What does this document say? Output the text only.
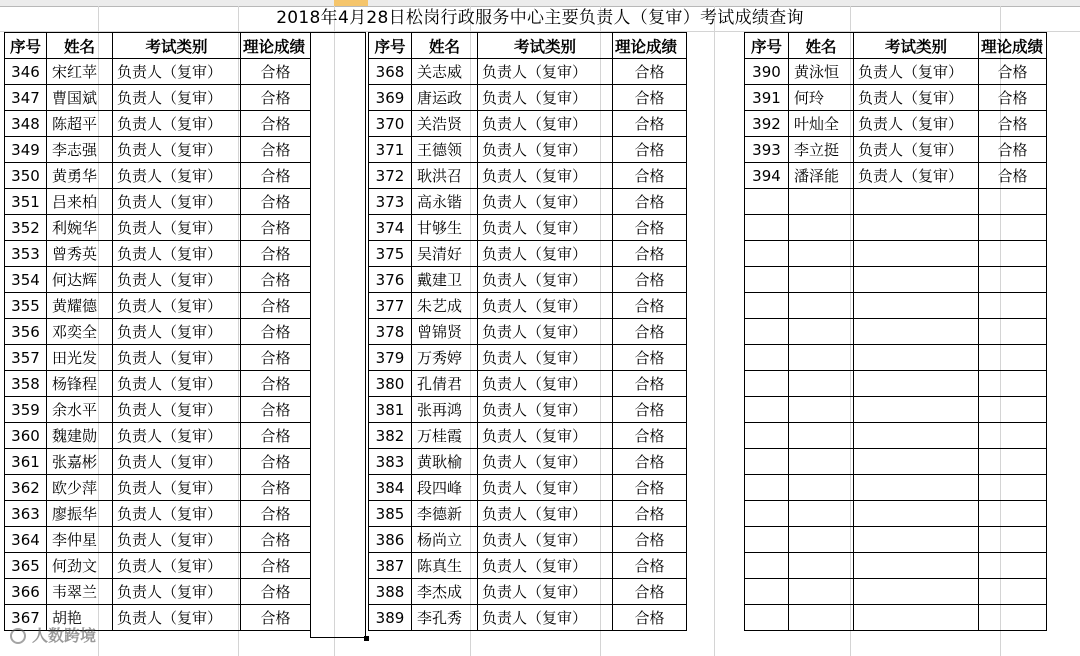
2018年4月28日松岗行政服务中心主要负责人（复审）考试成绩查询
序号	姓名	考试类别	理论成绩
346	宋红苹	负责人（复审）	合格
347	曹国斌	负责人（复审）	合格
348	陈超平	负责人（复审）	合格
349	李志强	负责人（复审）	合格
350	黄勇华	负责人（复审）	合格
351	吕来柏	负责人（复审）	合格
352	利婉华	负责人（复审）	合格
353	曾秀英	负责人（复审）	合格
354	何达辉	负责人（复审）	合格
355	黄耀德	负责人（复审）	合格
356	邓奕全	负责人（复审）	合格
357	田光发	负责人（复审）	合格
358	杨锋程	负责人（复审）	合格
359	余水平	负责人（复审）	合格
360	魏建勋	负责人（复审）	合格
361	张嘉彬	负责人（复审）	合格
362	欧少萍	负责人（复审）	合格
363	廖振华	负责人（复审）	合格
364	李仲星	负责人（复审）	合格
365	何劲文	负责人（复审）	合格
366	韦翠兰	负责人（复审）	合格
367	胡艳	负责人（复审）	合格
序号	姓名	考试类别	理论成绩
368	关志威	负责人（复审）	合格
369	唐运政	负责人（复审）	合格
370	关浩贤	负责人（复审）	合格
371	王德领	负责人（复审）	合格
372	耿洪召	负责人（复审）	合格
373	高永锴	负责人（复审）	合格
374	甘够生	负责人（复审）	合格
375	吴清好	负责人（复审）	合格
376	戴建卫	负责人（复审）	合格
377	朱艺成	负责人（复审）	合格
378	曾锦贤	负责人（复审）	合格
379	万秀婷	负责人（复审）	合格
380	孔倩君	负责人（复审）	合格
381	张再鸿	负责人（复审）	合格
382	万桂霞	负责人（复审）	合格
383	黄耿榆	负责人（复审）	合格
384	段四峰	负责人（复审）	合格
385	李德新	负责人（复审）	合格
386	杨尚立	负责人（复审）	合格
387	陈真生	负责人（复审）	合格
388	李杰成	负责人（复审）	合格
389	李孔秀	负责人（复审）	合格
序号	姓名	考试类别	理论成绩
390	黄泳恒	负责人（复审）	合格
391	何玲	负责人（复审）	合格
392	叶灿全	负责人（复审）	合格
393	李立挺	负责人（复审）	合格
394	潘泽能	负责人（复审）	合格

人数跨境
